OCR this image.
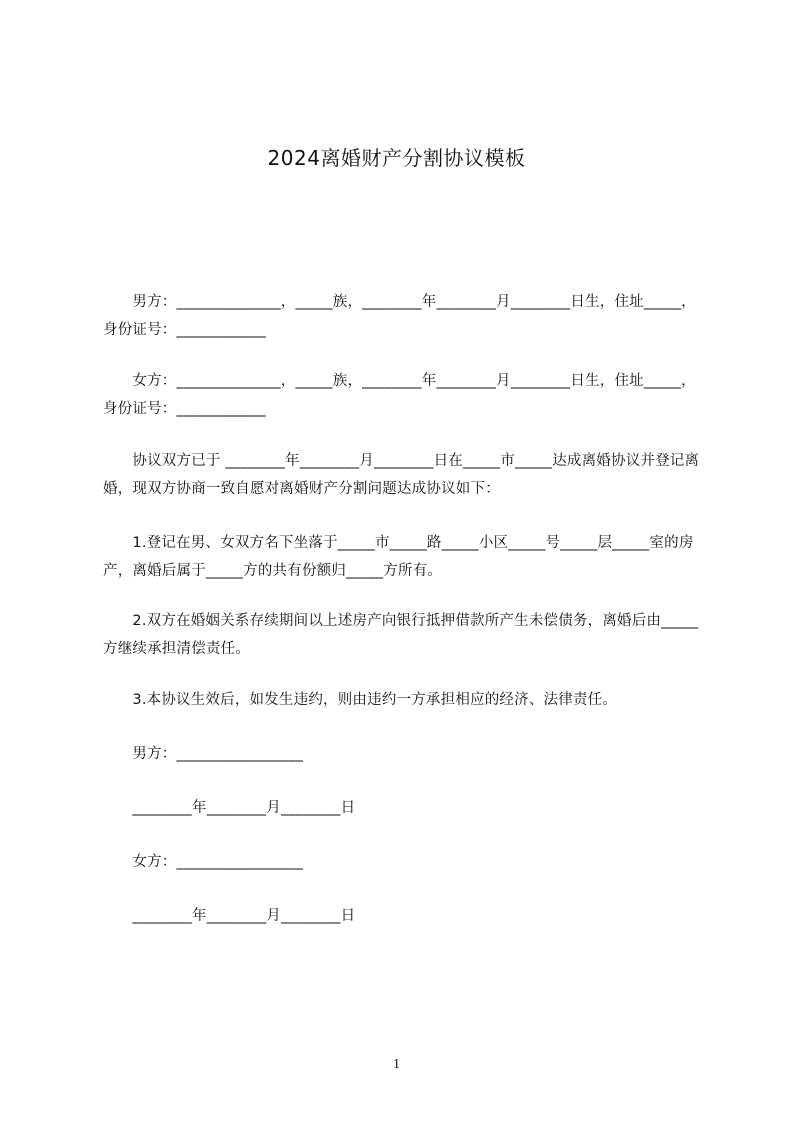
2024离婚财产分割协议模板
　　男方：______________，_____族，________年________月________日生，住址_____，身份证号：____________
　　女方：______________，_____族，________年________月________日生，住址_____，身份证号：____________
　　协议双方已于 ________年________月________日在_____市_____达成离婚协议并登记离婚，现双方协商一致自愿对离婚财产分割问题达成协议如下：
　　1.登记在男、女双方名下坐落于_____市_____路_____小区_____号_____层_____室的房产，离婚后属于_____方的共有份额归_____方所有。
　　2.双方在婚姻关系存续期间以上述房产向银行抵押借款所产生未偿债务，离婚后由_____方继续承担清偿责任。
　　3.本协议生效后，如发生违约，则由违约一方承担相应的经济、法律责任。
　　男方：_________________
　　________年________月________日
　　女方：_________________
　　________年________月________日
1
